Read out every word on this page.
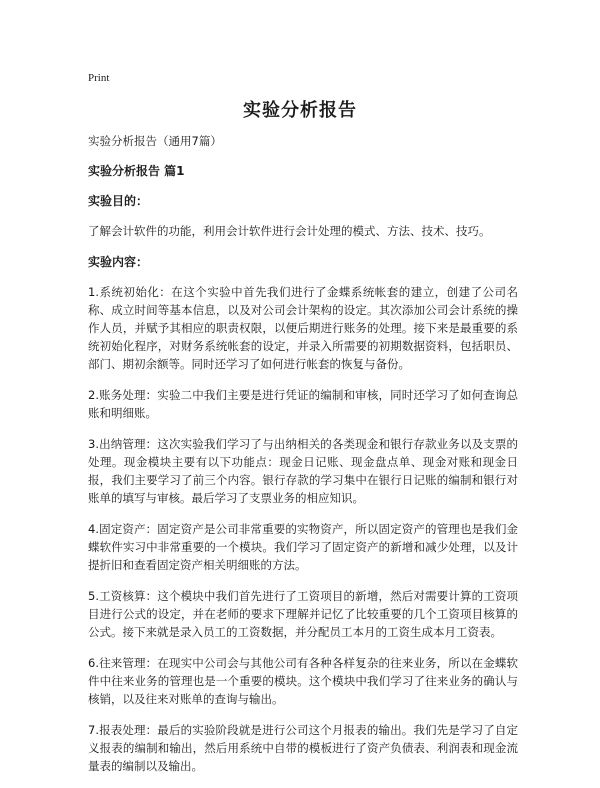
Print
实验分析报告

实验分析报告（通用7篇）

实验分析报告 篇1

实验目的：

了解会计软件的功能，利用会计软件进行会计处理的模式、方法、技术、技巧。

实验内容：

1.系统初始化：在这个实验中首先我们进行了金蝶系统帐套的建立，创建了公司名称、成立时间等基本信息，以及对公司会计架构的设定。其次添加公司会计系统的操作人员，并赋予其相应的职责权限，以便后期进行账务的处理。接下来是最重要的系统初始化程序，对财务系统帐套的设定，并录入所需要的初期数据资料，包括职员、部门、期初余额等。同时还学习了如何进行帐套的恢复与备份。

2.账务处理：实验二中我们主要是进行凭证的编制和审核，同时还学习了如何查询总账和明细账。

3.出纳管理：这次实验我们学习了与出纳相关的各类现金和银行存款业务以及支票的处理。现金模块主要有以下功能点：现金日记账、现金盘点单、现金对账和现金日报，我们主要学习了前三个内容。银行存款的学习集中在银行日记账的编制和银行对账单的填写与审核。最后学习了支票业务的相应知识。

4.固定资产：固定资产是公司非常重要的实物资产，所以固定资产的管理也是我们金蝶软件实习中非常重要的一个模块。我们学习了固定资产的新增和减少处理，以及计提折旧和查看固定资产相关明细账的方法。

5.工资核算：这个模块中我们首先进行了工资项目的新增，然后对需要计算的工资项目进行公式的设定，并在老师的要求下理解并记忆了比较重要的几个工资项目核算的公式。接下来就是录入员工的工资数据，并分配员工本月的工资生成本月工资表。

6.往来管理：在现实中公司会与其他公司有各种各样复杂的往来业务，所以在金蝶软件中往来业务的管理也是一个重要的模块。这个模块中我们学习了往来业务的确认与核销，以及往来对账单的查询与输出。

7.报表处理：最后的实验阶段就是进行公司这个月报表的输出。我们先是学习了自定义报表的编制和输出，然后用系统中自带的模板进行了资产负债表、利润表和现金流量表的编制以及输出。
